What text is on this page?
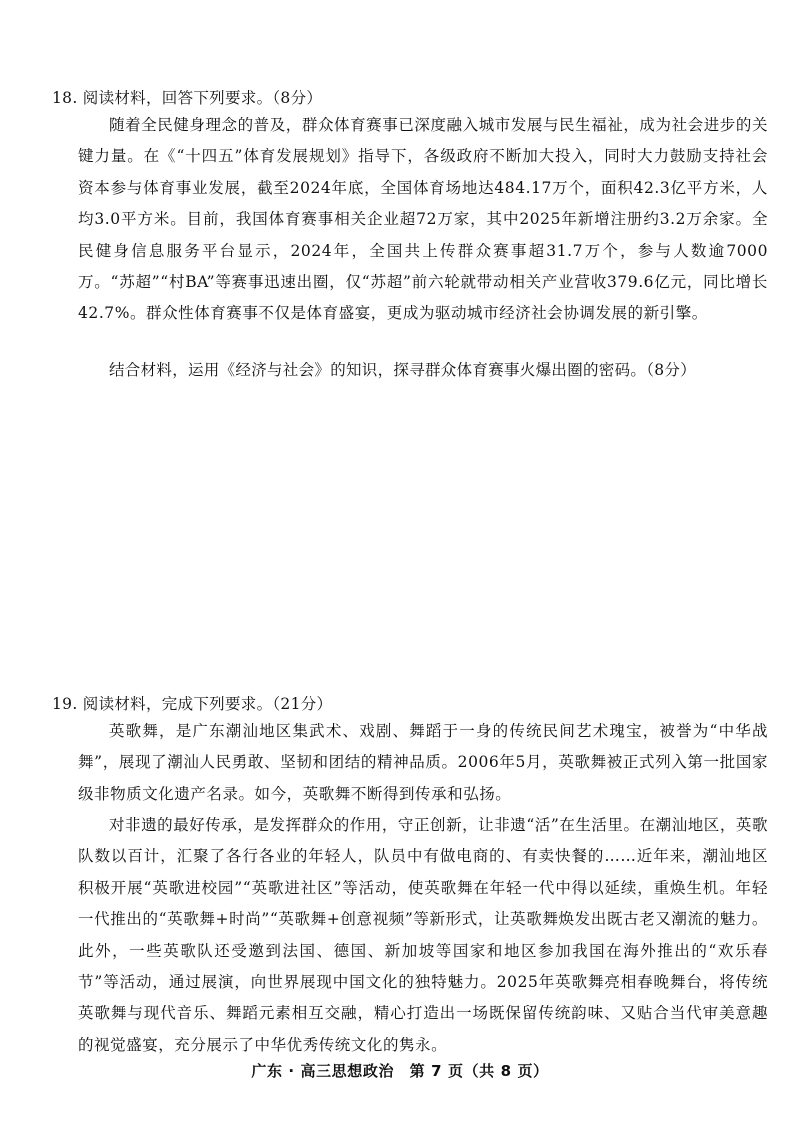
18. 阅读材料，回答下列要求。（8分）

随着全民健身理念的普及，群众体育赛事已深度融入城市发展与民生福祉，成为社会进步的关键力量。在《“十四五”体育发展规划》指导下，各级政府不断加大投入，同时大力鼓励支持社会资本参与体育事业发展，截至2024年底，全国体育场地达484.17万个，面积42.3亿平方米，人均3.0平方米。目前，我国体育赛事相关企业超72万家，其中2025年新增注册约3.2万余家。全民健身信息服务平台显示，2024年，全国共上传群众赛事超31.7万个，参与人数逾7000万。“苏超”“村BA”等赛事迅速出圈，仅“苏超”前六轮就带动相关产业营收379.6亿元，同比增长42.7%。群众性体育赛事不仅是体育盛宴，更成为驱动城市经济社会协调发展的新引擎。

结合材料，运用《经济与社会》的知识，探寻群众体育赛事火爆出圈的密码。（8分）
19. 阅读材料，完成下列要求。（21分）

英歌舞，是广东潮汕地区集武术、戏剧、舞蹈于一身的传统民间艺术瑰宝，被誉为“中华战舞”，展现了潮汕人民勇敢、坚韧和团结的精神品质。2006年5月，英歌舞被正式列入第一批国家级非物质文化遗产名录。如今，英歌舞不断得到传承和弘扬。

对非遗的最好传承，是发挥群众的作用，守正创新，让非遗“活”在生活里。在潮汕地区，英歌队数以百计，汇聚了各行各业的年轻人，队员中有做电商的、有卖快餐的……近年来，潮汕地区积极开展“英歌进校园”“英歌进社区”等活动，使英歌舞在年轻一代中得以延续，重焕生机。年轻一代推出的“英歌舞+时尚”“英歌舞+创意视频”等新形式，让英歌舞焕发出既古老又潮流的魅力。此外，一些英歌队还受邀到法国、德国、新加坡等国家和地区参加我国在海外推出的“欢乐春节”等活动，通过展演，向世界展现中国文化的独特魅力。2025年英歌舞亮相春晚舞台，将传统英歌舞与现代音乐、舞蹈元素相互交融，精心打造出一场既保留传统韵味、又贴合当代审美意趣的视觉盛宴，充分展示了中华优秀传统文化的隽永。

广东 · 高三思想政治　第 7 页（共 8 页）
